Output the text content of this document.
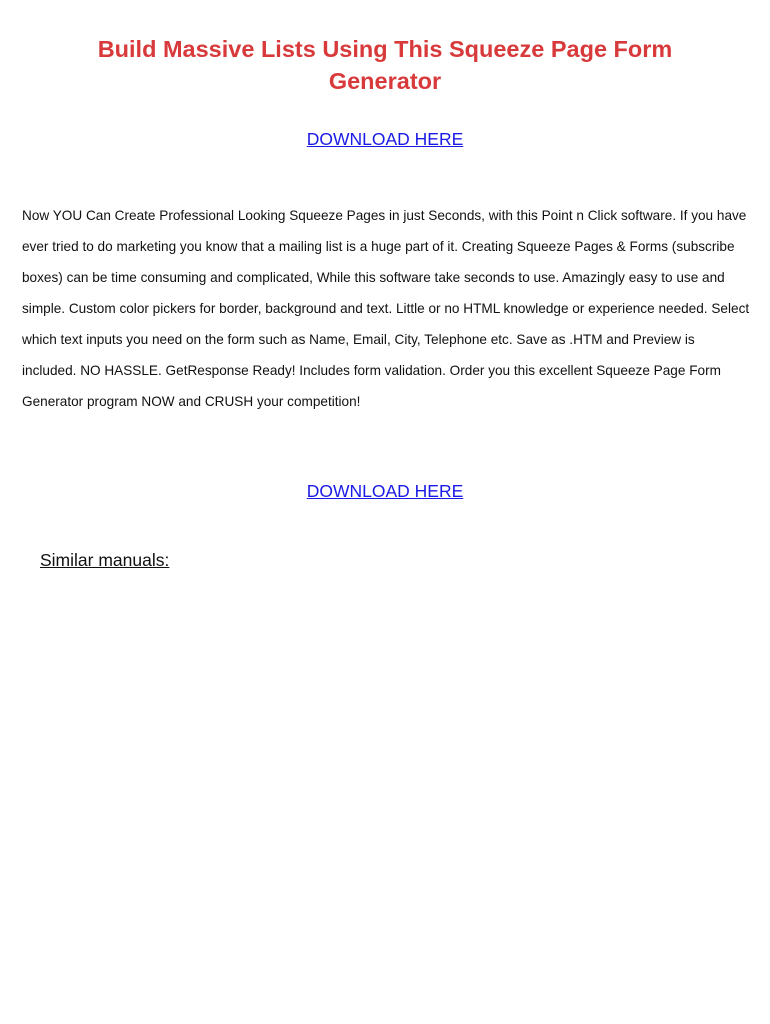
Build Massive Lists Using This Squeeze Page Form Generator
DOWNLOAD HERE

Now YOU Can Create Professional Looking Squeeze Pages in just Seconds, with this Point n Click software. If you have ever tried to do marketing you know that a mailing list is a huge part of it. Creating Squeeze Pages & Forms (subscribe boxes) can be time consuming and complicated, While this software take seconds to use. Amazingly easy to use and simple. Custom color pickers for border, background and text. Little or no HTML knowledge or experience needed. Select which text inputs you need on the form such as Name, Email, City, Telephone etc. Save as .HTM and Preview is included. NO HASSLE. GetResponse Ready! Includes form validation. Order you this excellent Squeeze Page Form Generator program NOW and CRUSH your competition!

DOWNLOAD HERE
Similar manuals:
